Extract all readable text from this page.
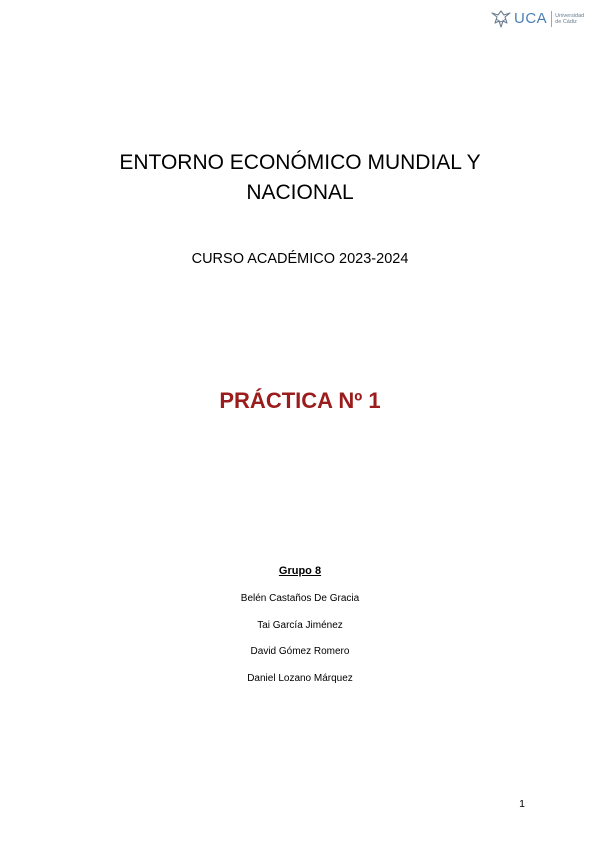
UCA Universidad
de Cádiz
ENTORNO ECONÓMICO MUNDIAL Y
NACIONAL
CURSO ACADÉMICO 2023-2024
PRÁCTICA Nº 1
Grupo 8
Belén Castaños De Gracia
Tai García Jiménez
David Gómez Romero
Daniel Lozano Márquez
1
